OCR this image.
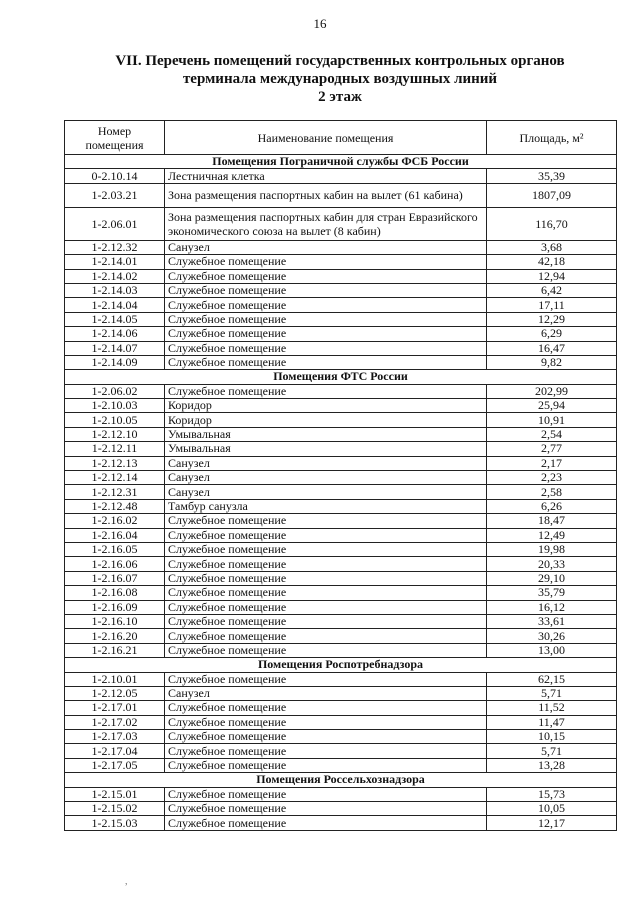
16
VII. Перечень помещений государственных контрольных органов
терминала международных воздушных линий
2 этаж
Номер помещения	Наименование помещения	Площадь, м²
Помещения Пограничной службы ФСБ России		
0-2.10.14	Лестничная клетка	35,39
1-2.03.21	Зона размещения паспортных кабин на вылет (61 кабина)	1807,09
1-2.06.01	Зона размещения паспортных кабин для стран Евразийского экономического союза на вылет (8 кабин)	116,70
1-2.12.32	Санузел	3,68
1-2.14.01	Служебное помещение	42,18
1-2.14.02	Служебное помещение	12,94
1-2.14.03	Служебное помещение	6,42
1-2.14.04	Служебное помещение	17,11
1-2.14.05	Служебное помещение	12,29
1-2.14.06	Служебное помещение	6,29
1-2.14.07	Служебное помещение	16,47
1-2.14.09	Служебное помещение	9,82
Помещения ФТС России		
1-2.06.02	Служебное помещение	202,99
1-2.10.03	Коридор	25,94
1-2.10.05	Коридор	10,91
1-2.12.10	Умывальная	2,54
1-2.12.11	Умывальная	2,77
1-2.12.13	Санузел	2,17
1-2.12.14	Санузел	2,23
1-2.12.31	Санузел	2,58
1-2.12.48	Тамбур санузла	6,26
1-2.16.02	Служебное помещение	18,47
1-2.16.04	Служебное помещение	12,49
1-2.16.05	Служебное помещение	19,98
1-2.16.06	Служебное помещение	20,33
1-2.16.07	Служебное помещение	29,10
1-2.16.08	Служебное помещение	35,79
1-2.16.09	Служебное помещение	16,12
1-2.16.10	Служебное помещение	33,61
1-2.16.20	Служебное помещение	30,26
1-2.16.21	Служебное помещение	13,00
Помещения Роспотребнадзора		
1-2.10.01	Служебное помещение	62,15
1-2.12.05	Санузел	5,71
1-2.17.01	Служебное помещение	11,52
1-2.17.02	Служебное помещение	11,47
1-2.17.03	Служебное помещение	10,15
1-2.17.04	Служебное помещение	5,71
1-2.17.05	Служебное помещение	13,28
Помещения Россельхознадзора		
1-2.15.01	Служебное помещение	15,73
1-2.15.02	Служебное помещение	10,05
1-2.15.03	Служебное помещение	12,17
,
